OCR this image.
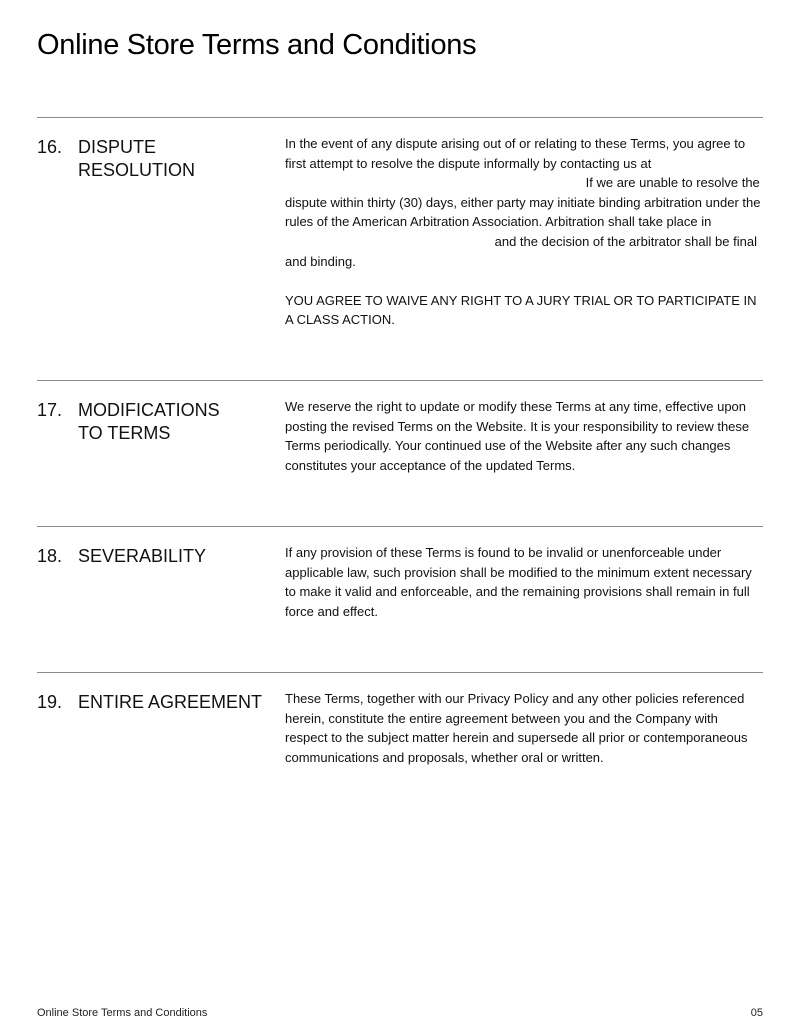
Online Store Terms and Conditions
16. DISPUTE
RESOLUTION

In the event of any dispute arising out of or relating to these Terms, you agree to first attempt to resolve the dispute informally by contacting us at  If we are unable to resolve the dispute within thirty (30) days, either party may initiate binding arbitration under the rules of the American Arbitration Association. Arbitration shall take place in  and the decision of the arbitrator shall be final and binding.

YOU AGREE TO WAIVE ANY RIGHT TO A JURY TRIAL OR TO PARTICIPATE IN A CLASS ACTION.

17. MODIFICATIONS
TO TERMS

We reserve the right to update or modify these Terms at any time, effective upon posting the revised Terms on the Website. It is your responsibility to review these Terms periodically. Your continued use of the Website after any such changes constitutes your acceptance of the updated Terms.

18. SEVERABILITY	If any provision of these Terms is found to be invalid or unenforceable under applicable law, such provision shall be modified to the minimum extent necessary to make it valid and enforceable, and the remaining provisions shall remain in full force and effect.

19. ENTIRE AGREEMENT	These Terms, together with our Privacy Policy and any other policies referenced herein, constitute the entire agreement between you and the Company with respect to the subject matter herein and supersede all prior or contemporaneous communications and proposals, whether oral or written.

Online Store Terms and Conditions	05
